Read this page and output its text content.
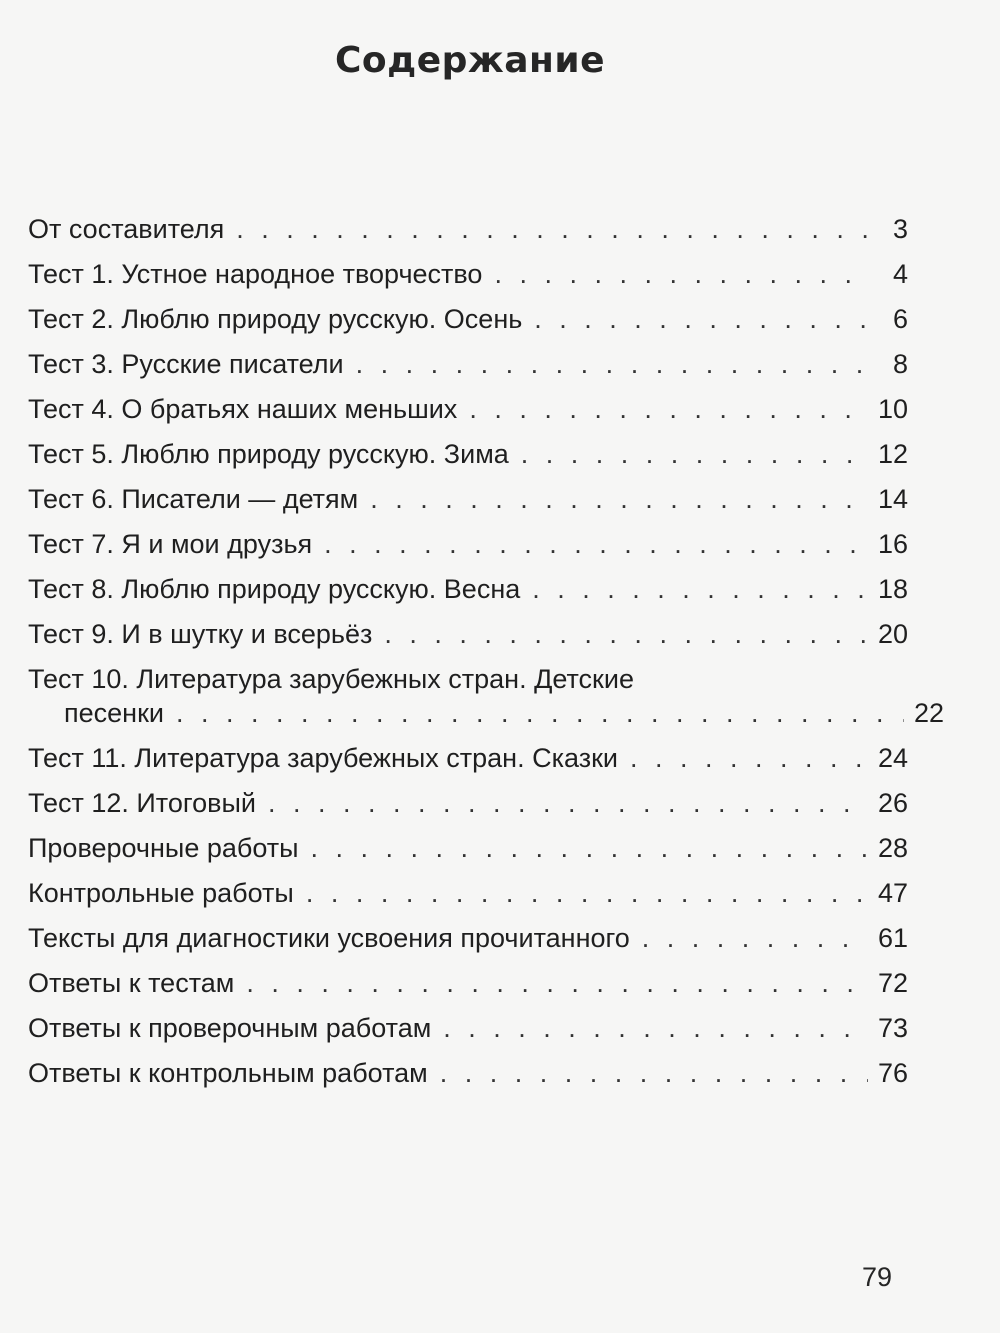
Содержание
От составителя . . .	3
Тест 1. Устное народное творчество . . .	4
Тест 2. Люблю природу русскую. Осень . . .	6
Тест 3. Русские писатели . . .	8
Тест 4. О братьях наших меньших . . .	10
Тест 5. Люблю природу русскую. Зима . . .	12
Тест 6. Писатели — детям . . .	14
Тест 7. Я и мои друзья . . .	16
Тест 8. Люблю природу русскую. Весна . . .	18
Тест 9. И в шутку и всерьёз . . .	20
Тест 10. Литература зарубежных стран. Детские
песенки . . .	22
Тест 11. Литература зарубежных стран. Сказки . . .	24
Тест 12. Итоговый . . .	26
Проверочные работы . . .	28
Контрольные работы . . .	47
Тексты для диагностики усвоения прочитанного . . .	61
Ответы к тестам . . .	72
Ответы к проверочным работам . . .	73
Ответы к контрольным работам . . .	76
79
